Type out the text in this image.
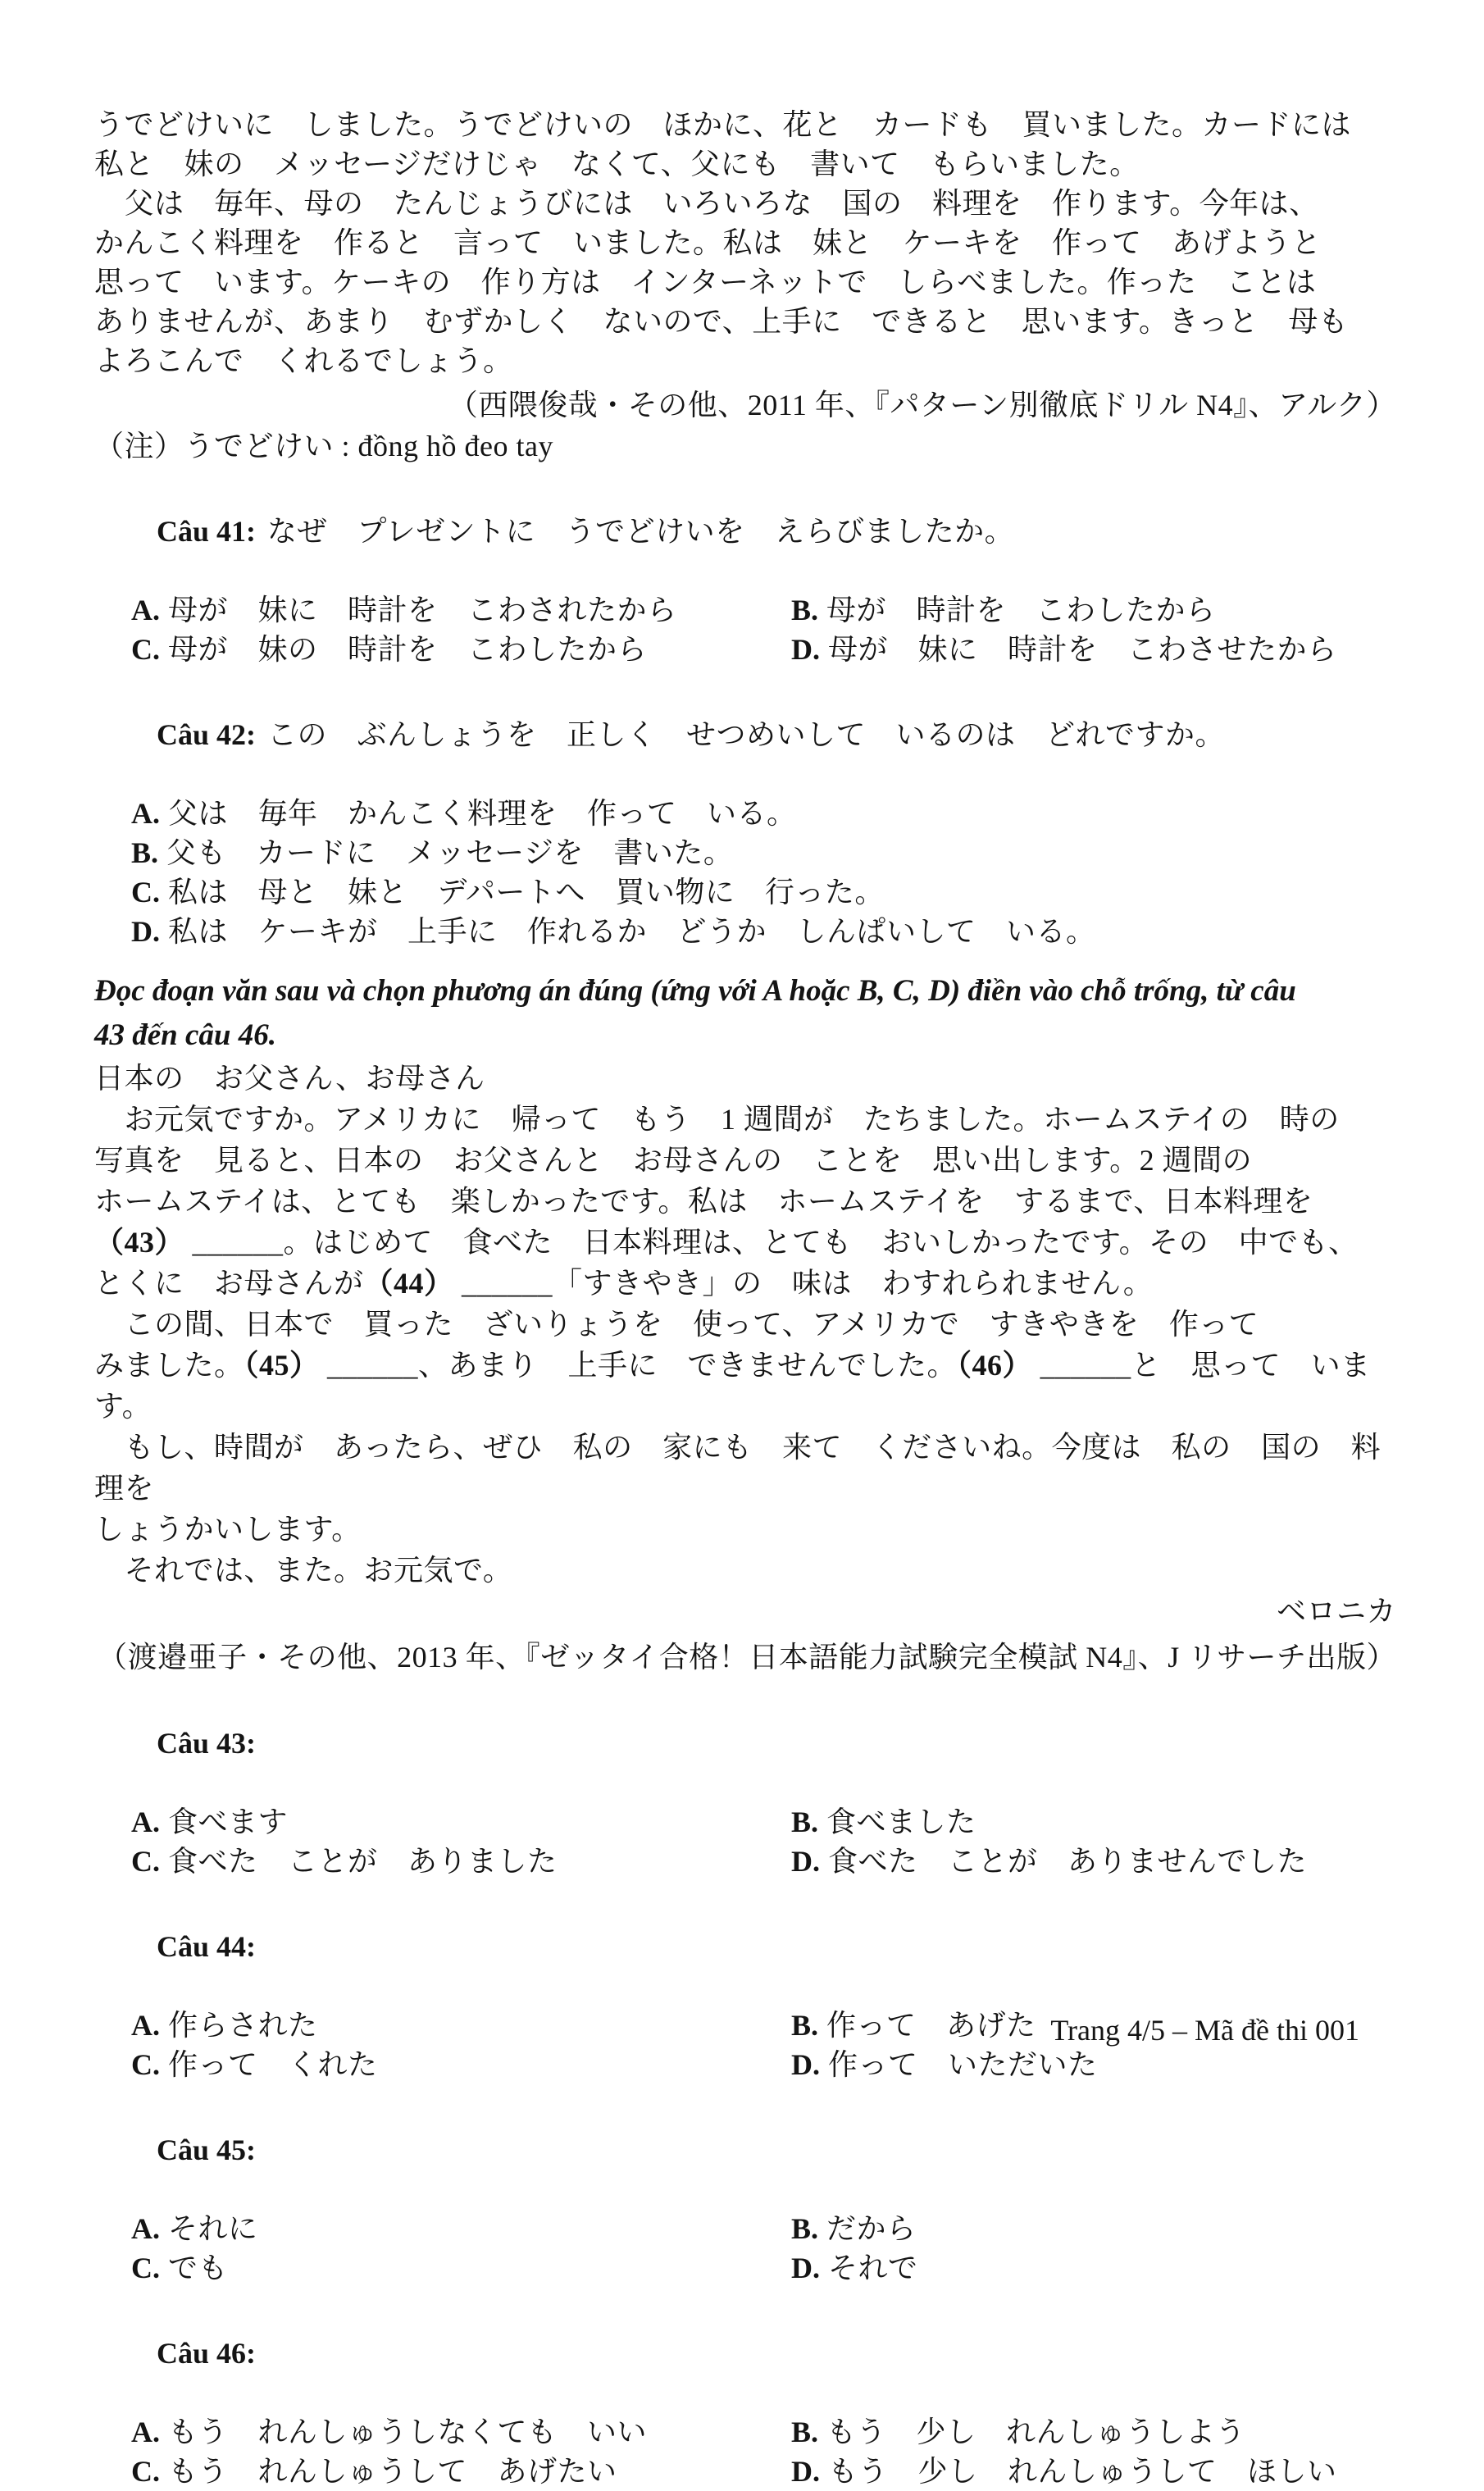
うでどけいに　しました。うでどけいの　ほかに、花と　カードも　買いました。カードには
私と　妹の　メッセージだけじゃ　なくて、父にも　書いて　もらいました。
　父は　毎年、母の　たんじょうびには　いろいろな　国の　料理を　作ります。今年は、
かんこく料理を　作ると　言って　いました。私は　妹と　ケーキを　作って　あげようと
思って　います。ケーキの　作り方は　インターネットで　しらべました。作った　ことは
ありませんが、あまり　むずかしく　ないので、上手に　できると　思います。きっと　母も
よろこんで　くれるでしょう。
（西隈俊哉・その他、2011 年、『パターン別徹底ドリル N4』、アルク）
（注）うでどけい : đồng hồ đeo tay

Câu 41: なぜ　プレゼントに　うでどけいを　えらびましたか。

A. 母が　妹に　時計を　こわされたから	B. 母が　時計を　こわしたから
C. 母が　妹の　時計を　こわしたから	D. 母が　妹に　時計を　こわさせたから

Câu 42: この　ぶんしょうを　正しく　せつめいして　いるのは　どれですか。

A. 父は　毎年　かんこく料理を　作って　いる。
B. 父も　カードに　メッセージを　書いた。
C. 私は　母と　妹と　デパートへ　買い物に　行った。
D. 私は　ケーキが　上手に　作れるか　どうか　しんぱいして　いる。
Đọc đoạn văn sau và chọn phương án đúng (ứng với A hoặc B, C, D) điền vào chỗ trống, từ câu
43 đến câu 46.
日本の　お父さん、お母さん
　お元気ですか。アメリカに　帰って　もう　1 週間が　たちました。ホームステイの　時の
写真を　見ると、日本の　お父さんと　お母さんの　ことを　思い出します。2 週間の
ホームステイは、とても　楽しかったです。私は　ホームステイを　するまで、日本料理を
（43） ______。はじめて　食べた　日本料理は、とても　おいしかったです。その　中でも、
とくに　お母さんが（44） ______「すきやき」の　味は　わすれられません。
　この間、日本で　買った　ざいりょうを　使って、アメリカで　すきやきを　作って
みました。（45） ______、あまり　上手に　できませんでした。（46） ______と　思って　います。
　もし、時間が　あったら、ぜひ　私の　家にも　来て　くださいね。今度は　私の　国の　料理を
しょうかいします。
　それでは、また。お元気で。
ベロニカ
（渡邉亜子・その他、2013 年、『ゼッタイ合格！日本語能力試験完全模試 N4』、J リサーチ出版）

Câu 43:

A. 食べます	B. 食べました
C. 食べた　ことが　ありました	D. 食べた　ことが　ありませんでした

Câu 44:

A. 作らされた	B. 作って　あげた
C. 作って　くれた	D. 作って　いただいた

Câu 45:

A. それに	B. だから
C. でも	D. それで

Câu 46:

A. もう　れんしゅうしなくても　いい	B. もう　少し　れんしゅうしよう
C. もう　れんしゅうして　あげたい	D. もう　少し　れんしゅうして　ほしい
Trang 4/5 – Mã đề thi 001
